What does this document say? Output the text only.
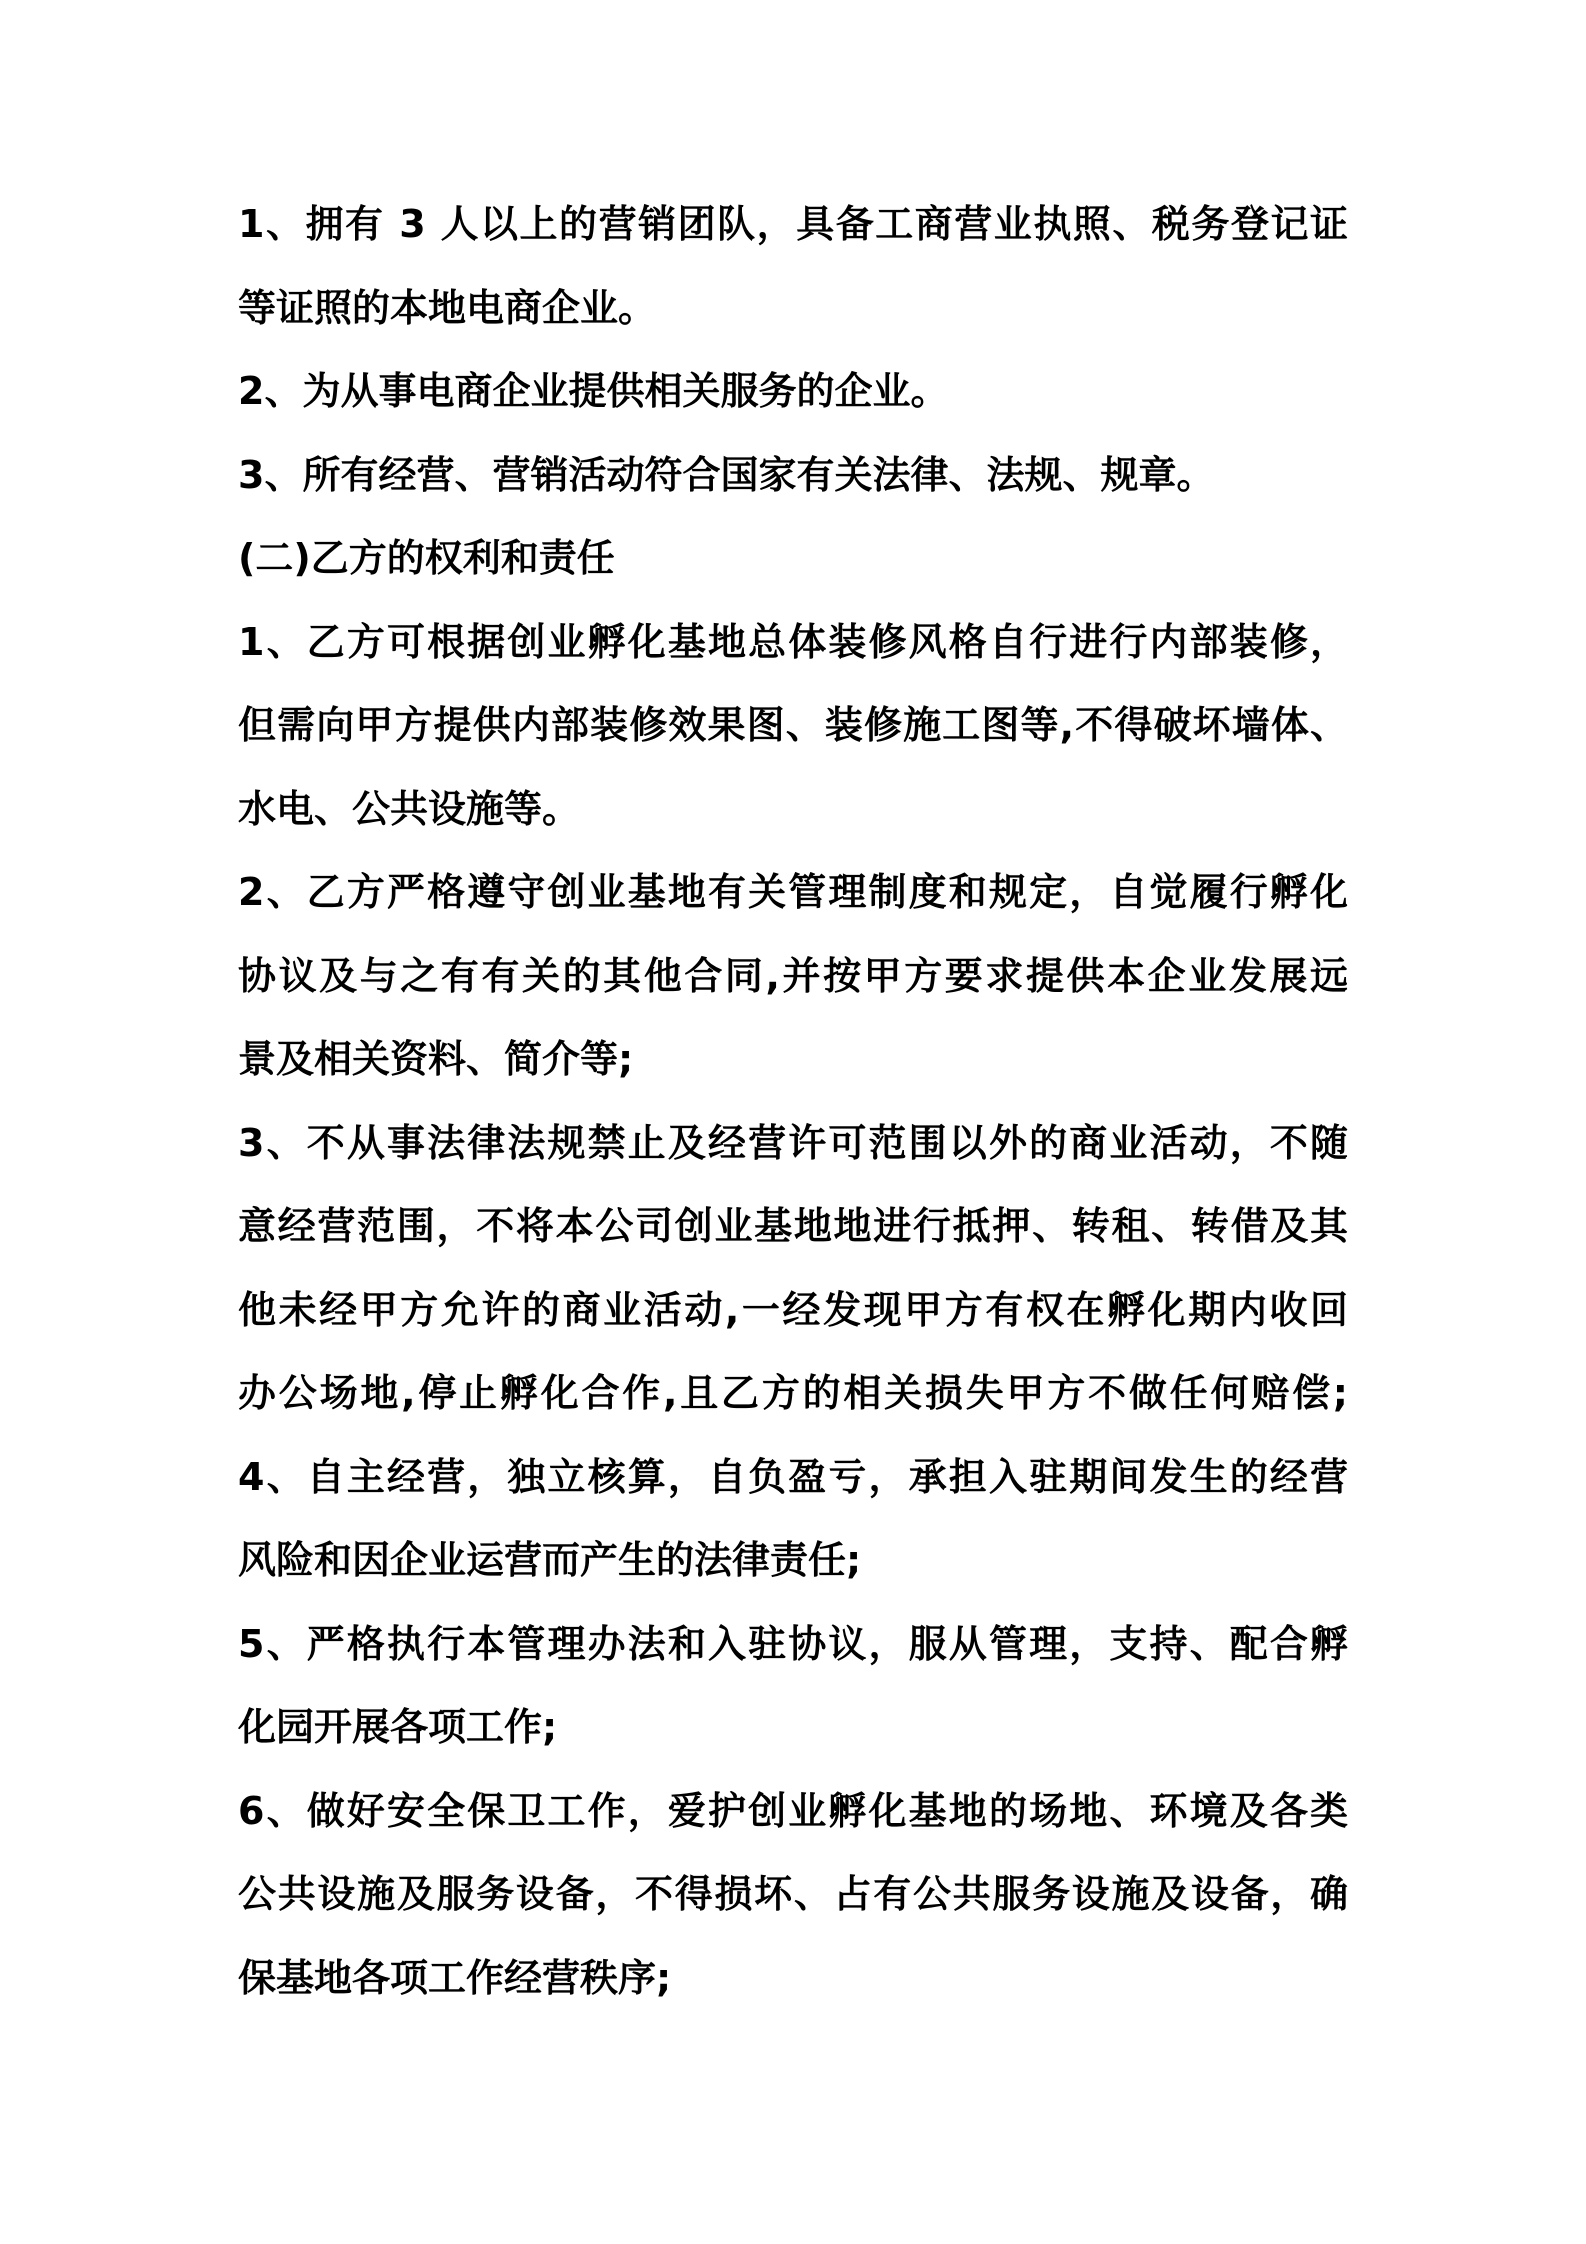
1、拥有 3 人以上的营销团队，具备工商营业执照、税务登记证
等证照的本地电商企业。
2、为从事电商企业提供相关服务的企业。
3、所有经营、营销活动符合国家有关法律、法规、规章。
(二)乙方的权利和责任
1、乙方可根据创业孵化基地总体装修风格自行进行内部装修，
但需向甲方提供内部装修效果图、装修施工图等,不得破坏墙体、
水电、公共设施等。
2、乙方严格遵守创业基地有关管理制度和规定，自觉履行孵化
协议及与之有有关的其他合同,并按甲方要求提供本企业发展远
景及相关资料、简介等;
3、不从事法律法规禁止及经营许可范围以外的商业活动，不随
意经营范围，不将本公司创业基地地进行抵押、转租、转借及其
他未经甲方允许的商业活动,一经发现甲方有权在孵化期内收回
办公场地,停止孵化合作,且乙方的相关损失甲方不做任何赔偿;
4、自主经营，独立核算，自负盈亏，承担入驻期间发生的经营
风险和因企业运营而产生的法律责任;
5、严格执行本管理办法和入驻协议，服从管理，支持、配合孵
化园开展各项工作;
6、做好安全保卫工作，爱护创业孵化基地的场地、环境及各类
公共设施及服务设备，不得损坏、占有公共服务设施及设备，确
保基地各项工作经营秩序;
